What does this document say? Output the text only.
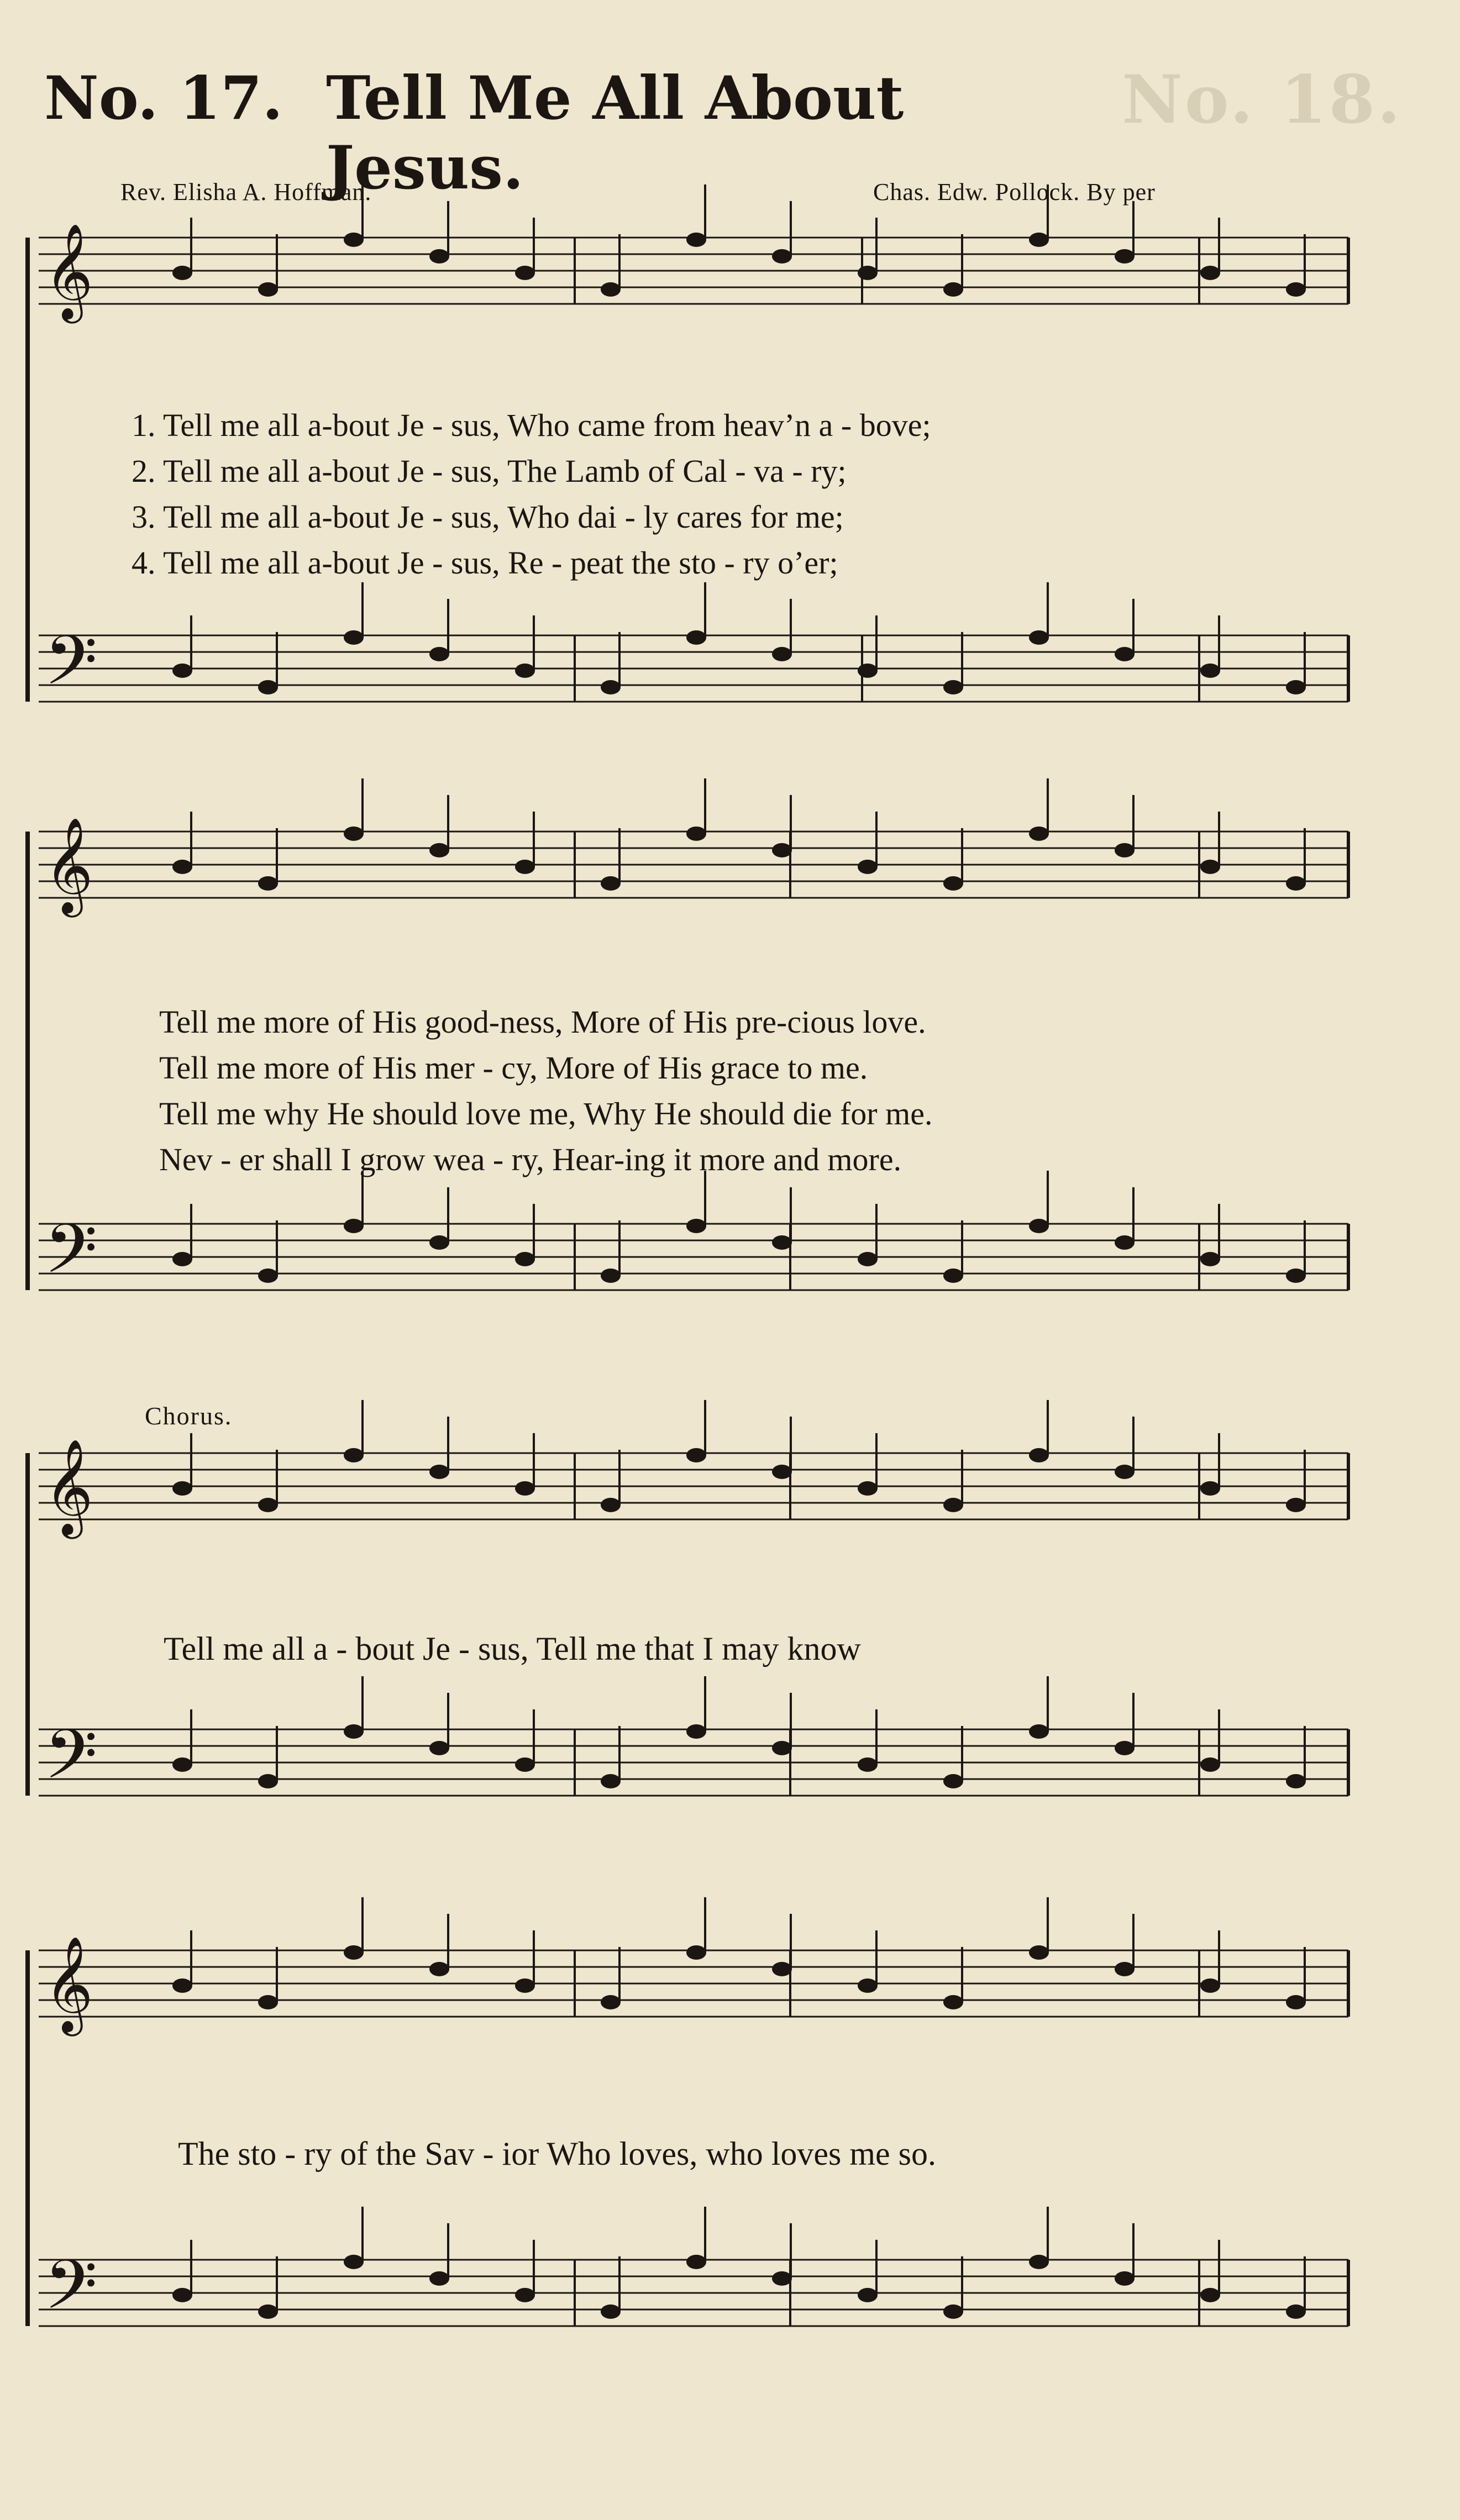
No. 18.
No. 17. Tell Me All About Jesus.
Rev. Elisha A. Hoffman.	Chas. Edw. Pollock. By per
𝄞
𝄢
𝄞
𝄢
𝄞
𝄢
𝄞
𝄢
1. Tell me all a-bout Je - sus, Who came from heav’n a - bove;
2. Tell me all a-bout Je - sus, The Lamb of Cal - va - ry;
3. Tell me all a-bout Je - sus, Who dai - ly cares for me;
4. Tell me all a-bout Je - sus, Re - peat the sto - ry o’er;
Tell me more of His good-ness, More of His pre-cious love.
Tell me more of His mer - cy, More of His grace to me.
Tell me why He should love me, Why He should die for me.
Nev - er shall I grow wea - ry, Hear-ing it more and more.
Chorus.
Tell me all a - bout Je - sus, Tell me that I may know
The sto - ry of the Sav - ior Who loves, who loves me so.
